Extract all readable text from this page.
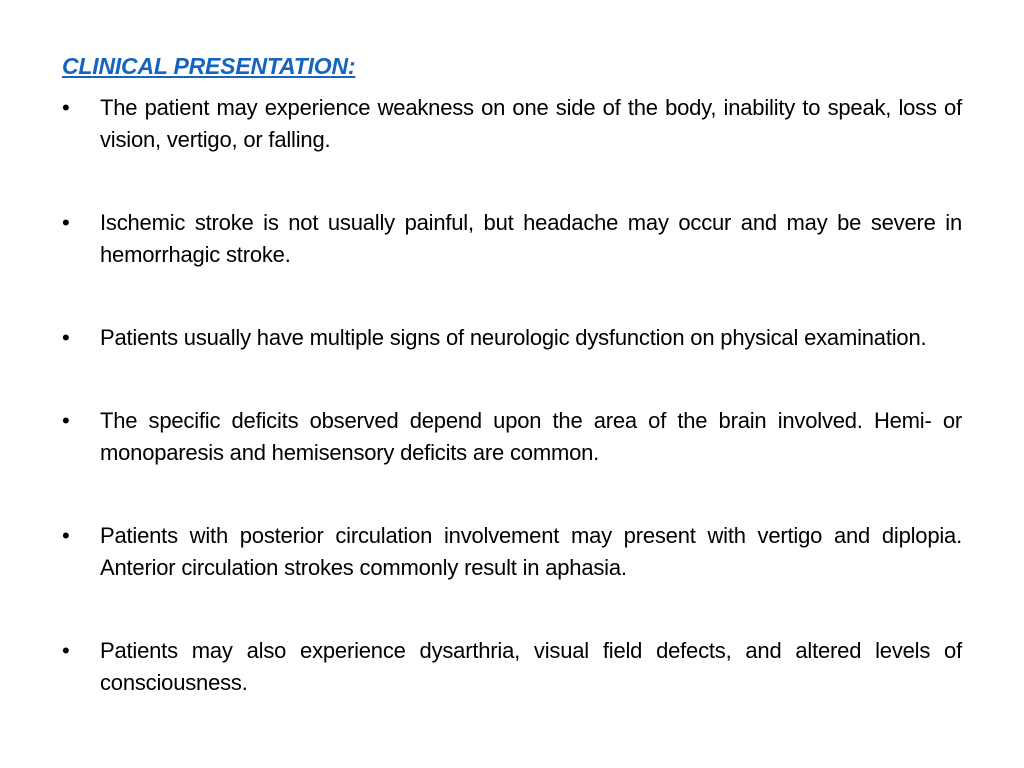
CLINICAL PRESENTATION:
• The patient may experience weakness on one side of the body, inability to speak, loss of vision, vertigo, or falling.
• Ischemic stroke is not usually painful, but headache may occur and may be severe in hemorrhagic stroke.
• Patients usually have multiple signs of neurologic dysfunction on physical examination.
• The specific deficits observed depend upon the area of the brain involved. Hemi- or monoparesis and hemisensory deficits are common.
• Patients with posterior circulation involvement may present with vertigo and diplopia. Anterior circulation strokes commonly result in aphasia.
• Patients may also experience dysarthria, visual field defects, and altered levels of consciousness.
